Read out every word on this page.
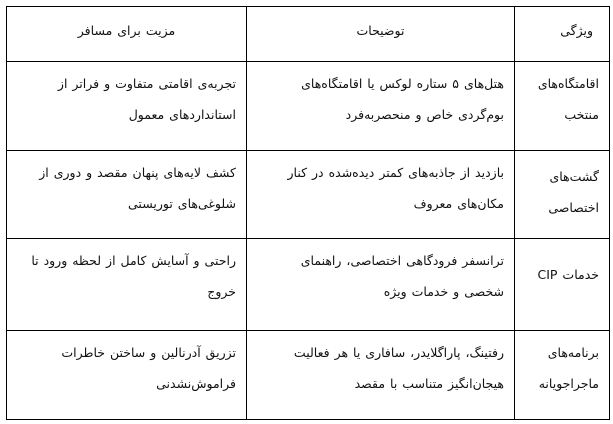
ویژگی	توضیحات	مزیت برای مسافر
اقامتگاه‌های منتخب	هتل‌های ۵ ستاره لوکس یا اقامتگاه‌های بوم‌گردی خاص و منحصربه‌فرد	تجربه‌ی اقامتی متفاوت و فراتر از استانداردهای معمول
گشت‌های اختصاصی	بازدید از جاذبه‌های کمتر دیده‌شده در کنار مکان‌های معروف	کشف لایه‌های پنهان مقصد و دوری از شلوغی‌های توریستی
خدمات CIP	ترانسفر فرودگاهی اختصاصی، راهنمای شخصی و خدمات ویژه	راحتی و آسایش کامل از لحظه ورود تا خروج
برنامه‌های ماجراجویانه	رفتینگ، پاراگلایدر، سافاری یا هر فعالیت هیجان‌انگیز متناسب با مقصد	تزریق آدرنالین و ساختن خاطرات فراموش‌نشدنی
